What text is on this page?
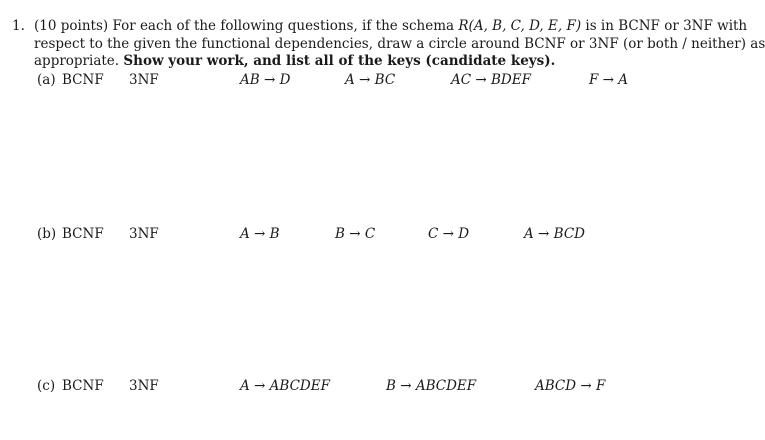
1. (10 points) For each of the following questions, if the schema R(A, B, C, D, E, F) is in BCNF or 3NF with
respect to the given the functional dependencies, draw a circle around BCNF or 3NF (or both / neither) as
appropriate. Show your work, and list all of the keys (candidate keys).
(a) BCNF 3NF	AB → D	A → BC	AC → BDEF	F → A
(b) BCNF 3NF	A → B	B → C	C → D	A → BCD
(c) BCNF 3NF	A → ABCDEF	B → ABCDEF	ABCD → F
